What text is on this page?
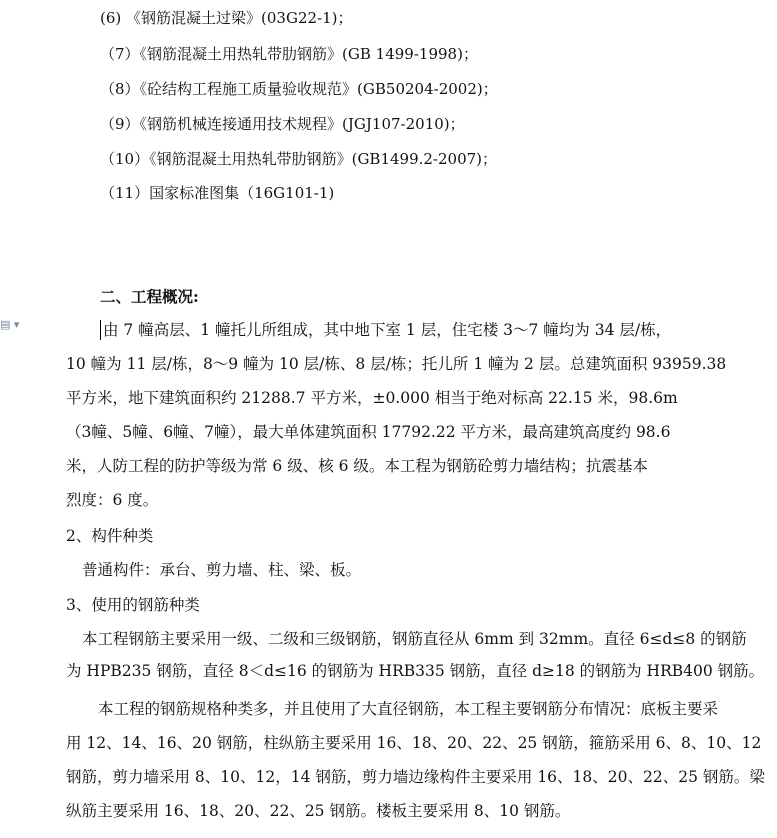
(6) 《钢筋混凝土过梁》(03G22-1)；
（7）《钢筋混凝土用热轧带肋钢筋》(GB 1499-1998)；
（8）《砼结构工程施工质量验收规范》(GB50204-2002)；
（9）《钢筋机械连接通用技术规程》(JGJ107-2010)；
（10）《钢筋混凝土用热轧带肋钢筋》(GB1499.2-2007)；
（11）国家标准图集（16G101-1)
二、工程概况:
▤ ▾	由 7 幢高层、1 幢托儿所组成，其中地下室 1 层，住宅楼 3～7 幢均为 34 层/栋，
10 幢为 11 层/栋，8～9 幢为 10 层/栋、8 层/栋；托儿所 1 幢为 2 层。总建筑面积 93959.38
平方米，地下建筑面积约 21288.7 平方米，±0.000 相当于绝对标高 22.15 米，98.6m
（3幢、5幢、6幢、7幢），最大单体建筑面积 17792.22 平方米，最高建筑高度约 98.6
米，人防工程的防护等级为常 6 级、核 6 级。本工程为钢筋砼剪力墙结构；抗震基本
烈度：6 度。
2、构件种类
普通构件：承台、剪力墙、柱、梁、板。
3、使用的钢筋种类
本工程钢筋主要采用一级、二级和三级钢筋，钢筋直径从 6mm 到 32mm。直径 6≤d≤8 的钢筋
为 HPB235 钢筋，直径 8＜d≤16 的钢筋为 HRB335 钢筋，直径 d≥18 的钢筋为 HRB400 钢筋。
本工程的钢筋规格种类多，并且使用了大直径钢筋，本工程主要钢筋分布情况：底板主要采
用 12、14、16、20 钢筋，柱纵筋主要采用 16、18、20、22、25 钢筋，箍筋采用 6、8、10、12
钢筋，剪力墙采用 8、10、12，14 钢筋，剪力墙边缘构件主要采用 16、18、20、22、25 钢筋。梁
纵筋主要采用 16、18、20、22、25 钢筋。楼板主要采用 8、10 钢筋。
